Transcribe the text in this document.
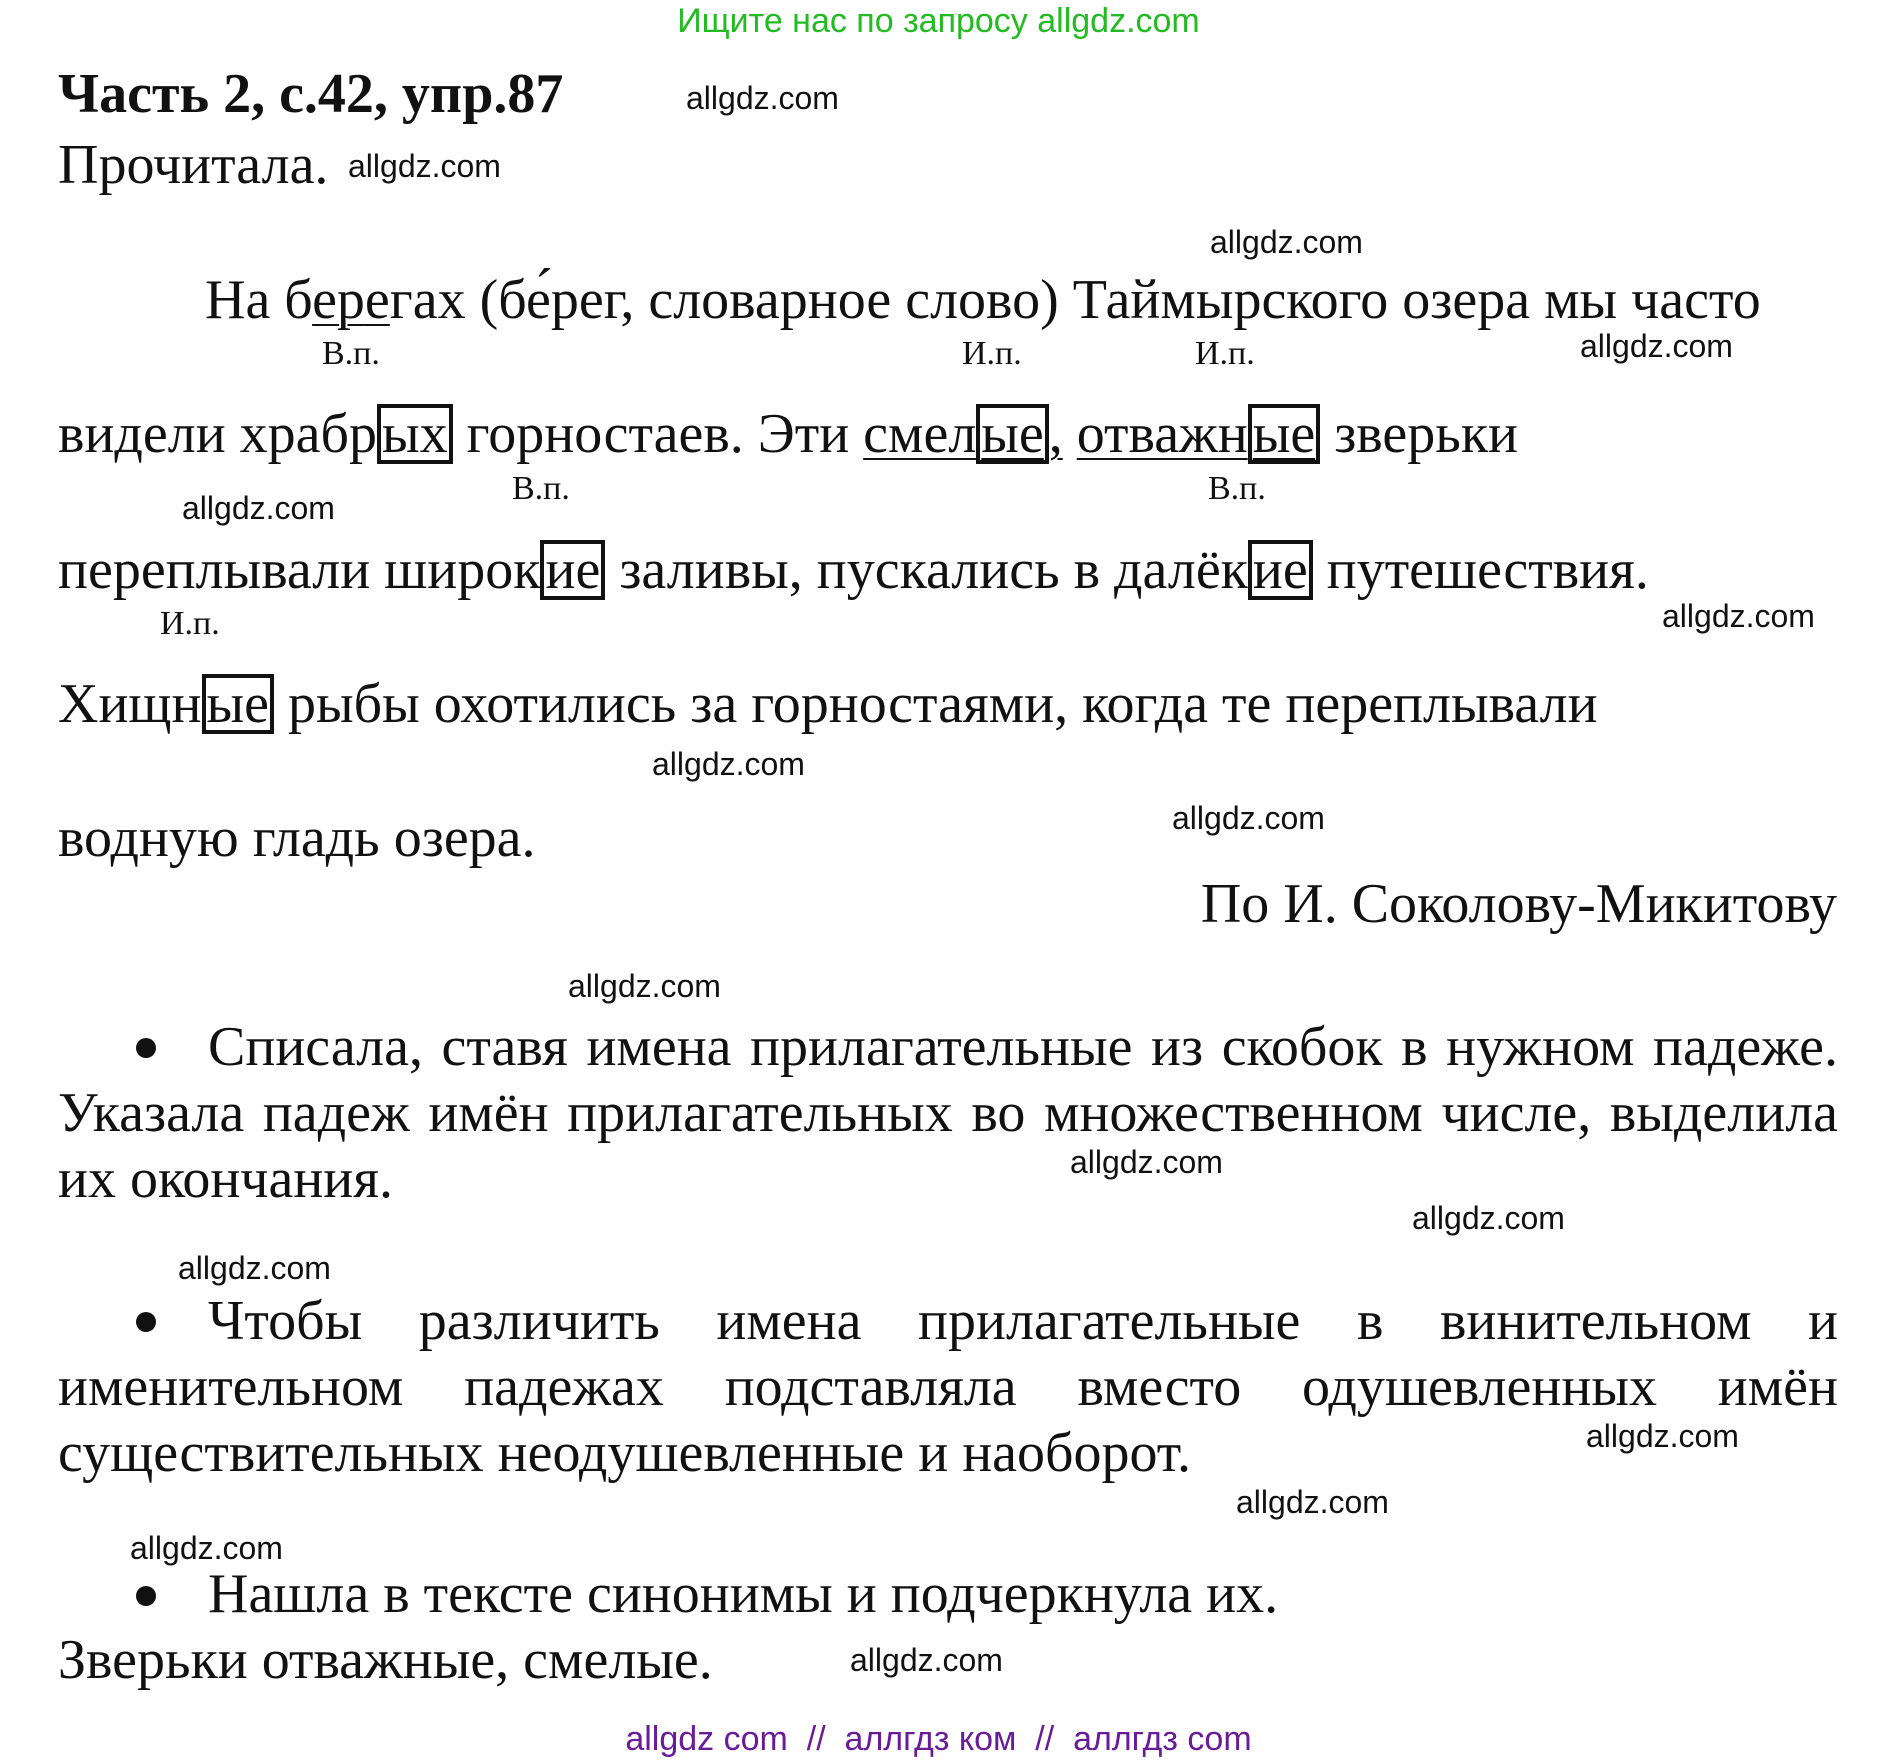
Ищите нас по запросу allgdz.com
Часть 2, с.42, упр.87	allgdz.com
Прочитала. allgdz.com
allgdz.com
На берегах (бе́рег, словарное слово) Таймырского озера мы часто
В.п.	И.п.	И.п.	allgdz.com
видели храбрых горностаев. Эти смелые, отважные зверьки
В.п.	В.п.
allgdz.com
переплывали широкие заливы, пускались в далёкие путешествия.
И.п.	allgdz.com
Хищные рыбы охотились за горностаями, когда те переплывали
allgdz.com
allgdz.com
водную гладь озера.
По И. Соколову-Микитову
allgdz.com
Списала, ставя имена прилагательные из скобок в нужном падеже. Указала падеж имён прилагательных во множественном числе, выделила их окончания.	allgdz.com
allgdz.com
allgdz.com
Чтобы различить имена прилагательные в винительном и именительном падежах подставляла вместо одушевленных имён существительных неодушевленные и наоборот.	allgdz.com
allgdz.com
allgdz.com
Нашла в тексте синонимы и подчеркнула их.
Зверьки отважные, смелые.	allgdz.com
allgdz com  //  аллгдз ком  //  аллгдз com
